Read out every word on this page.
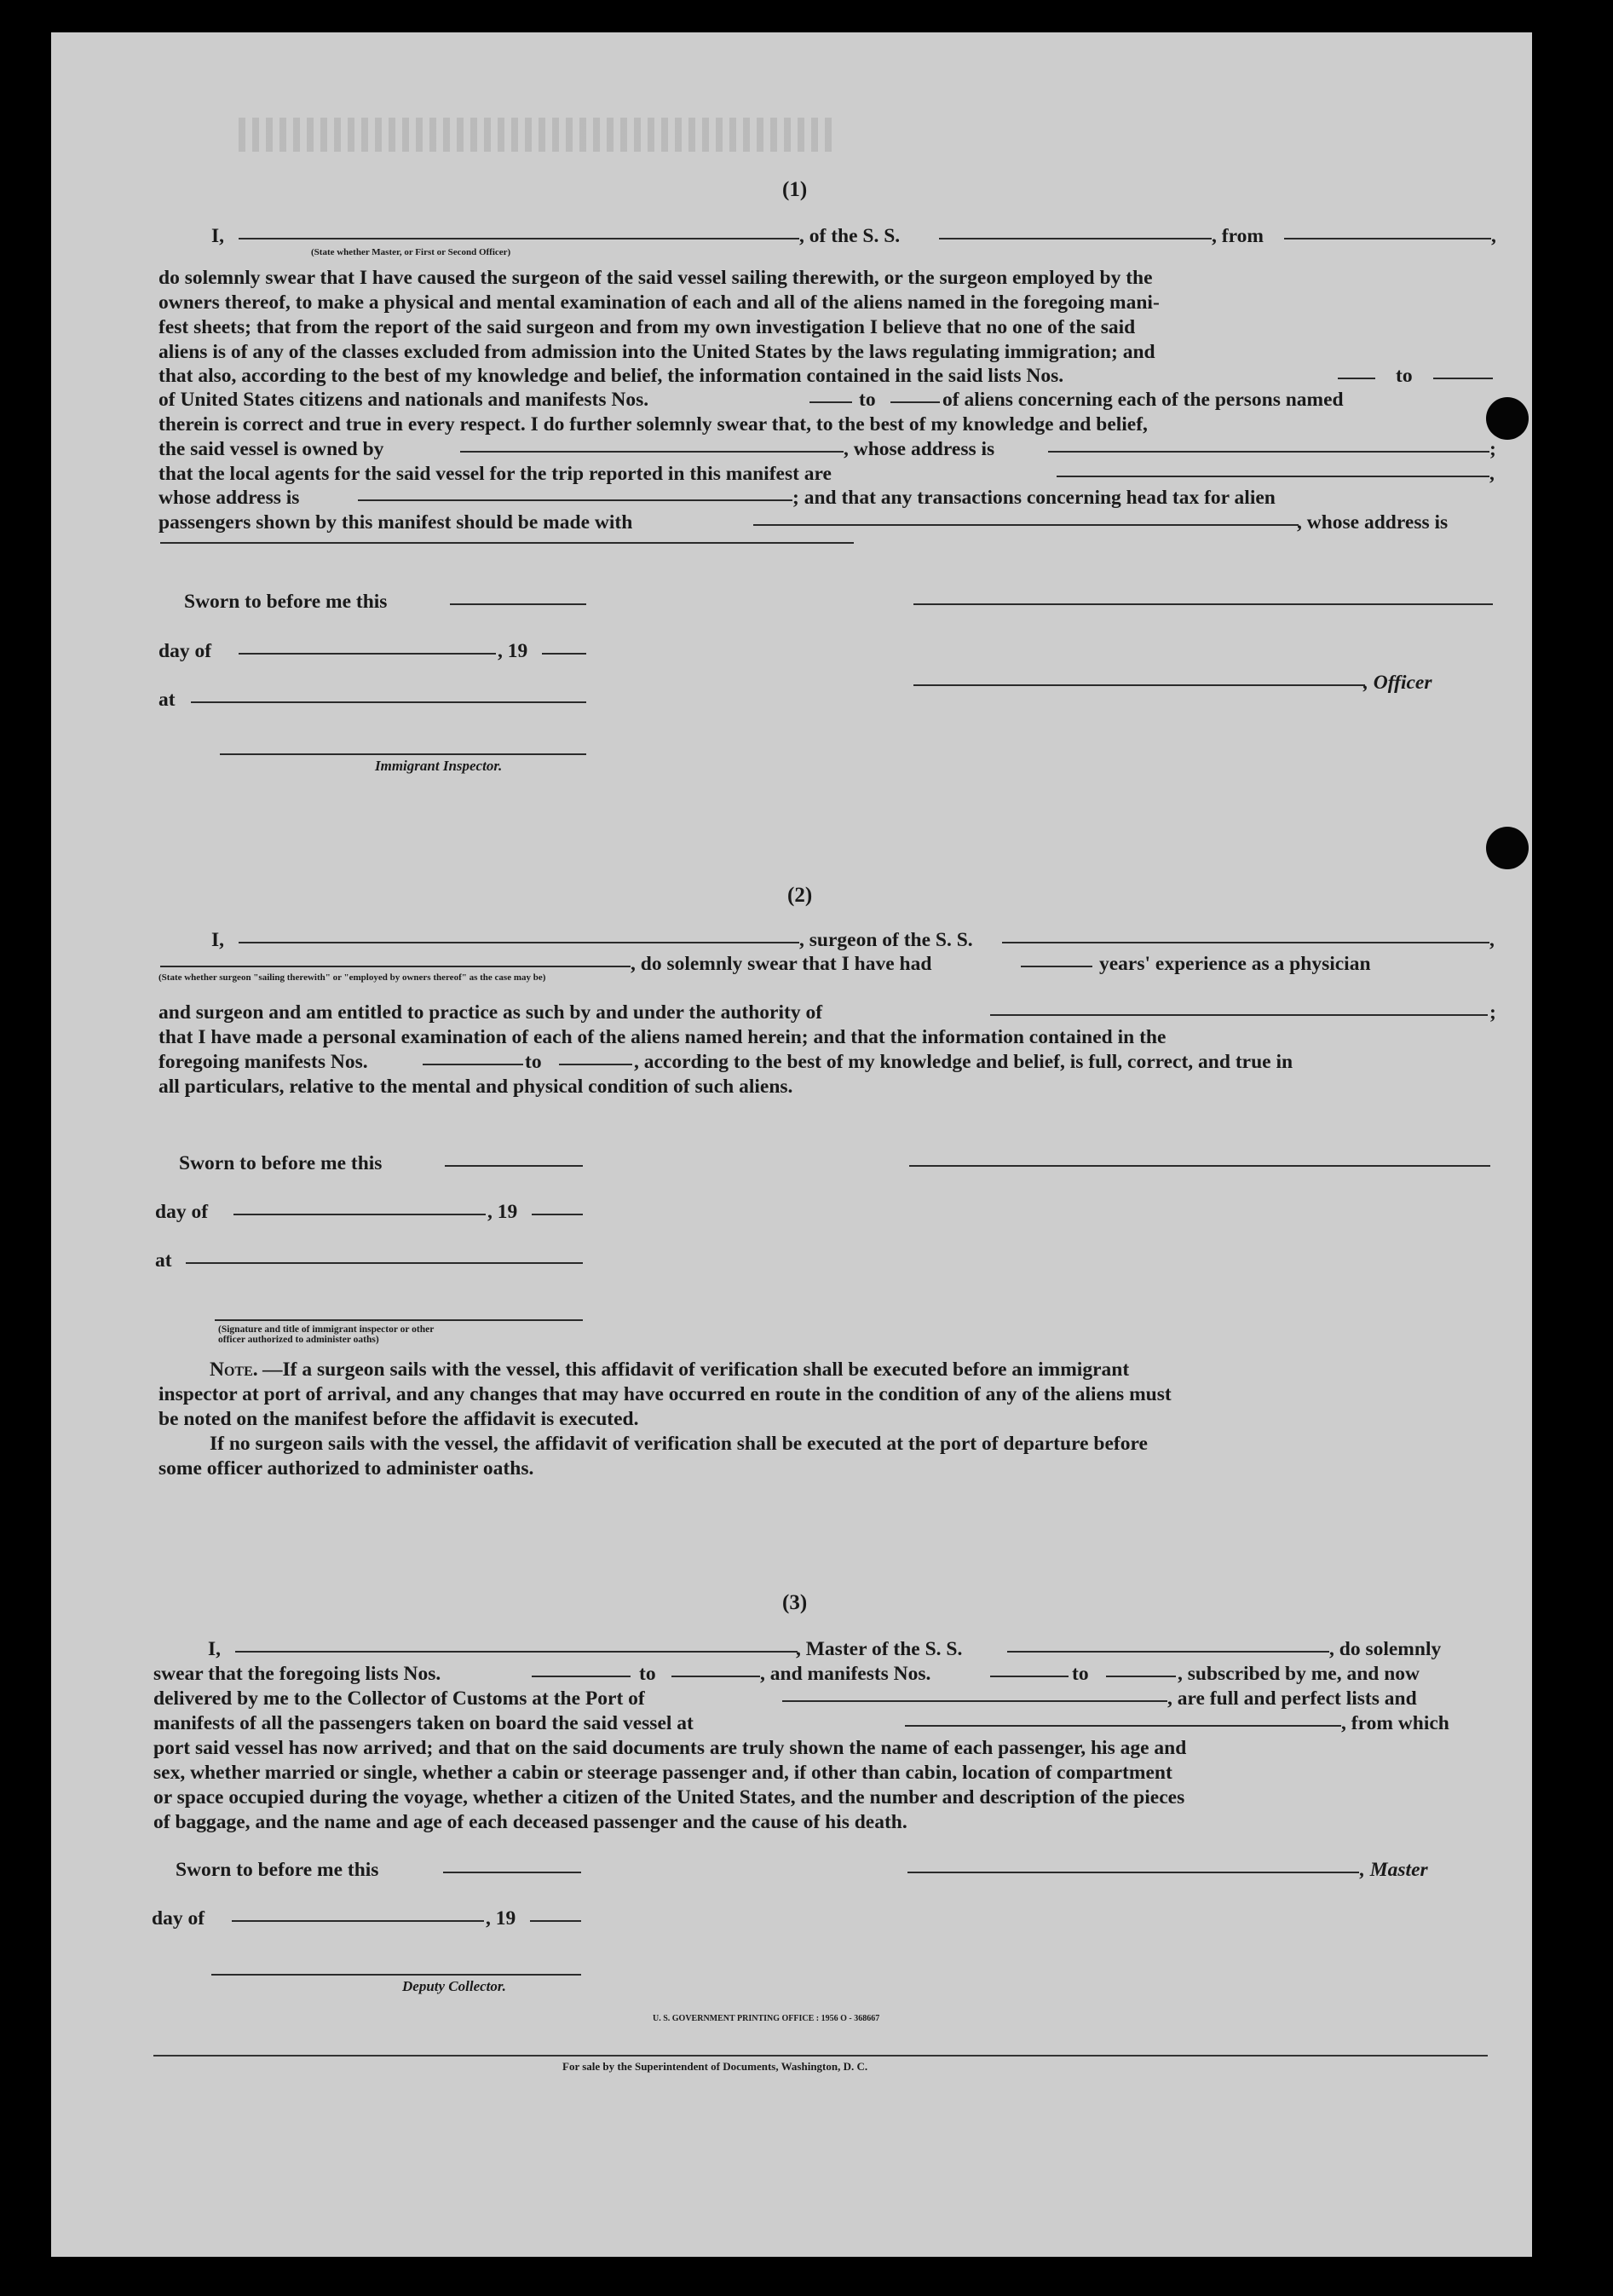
(1)
I,
(State whether Master, or First or Second Officer)
, of the S. S.	, from	,
do solemnly swear that I have caused the surgeon of the said vessel sailing therewith, or the surgeon employed by the
owners thereof, to make a physical and mental examination of each and all of the aliens named in the foregoing mani-
fest sheets; that from the report of the said surgeon and from my own investigation I believe that no one of the said
aliens is of any of the classes excluded from admission into the United States by the laws regulating immigration; and
that also, according to the best of my knowledge and belief, the information contained in the said lists Nos.	to
of United States citizens and nationals and manifests Nos.	to	of aliens concerning each of the persons named
therein is correct and true in every respect. I do further solemnly swear that, to the best of my knowledge and belief,
the said vessel is owned by	, whose address is	;
that the local agents for the said vessel for the trip reported in this manifest are	,
whose address is	; and that any transactions concerning head tax for alien
passengers shown by this manifest should be made with	, whose address is
Sworn to before me this
day of	, 19
, Officer
at
Immigrant Inspector.
(2)
I,	, surgeon of the S. S.	,
(State whether surgeon "sailing therewith" or "employed by owners thereof" as the case may be)
, do solemnly swear that I have had	years' experience as a physician
and surgeon and am entitled to practice as such by and under the authority of	;
that I have made a personal examination of each of the aliens named herein; and that the information contained in the
foregoing manifests Nos.	to	, according to the best of my knowledge and belief, is full, correct, and true in
all particulars, relative to the mental and physical condition of such aliens.
Sworn to before me this
day of	, 19
at
(Signature and title of immigrant inspector or other officer authorized to administer oaths)
Note. —If a surgeon sails with the vessel, this affidavit of verification shall be executed before an immigrant
inspector at port of arrival, and any changes that may have occurred en route in the condition of any of the aliens must
be noted on the manifest before the affidavit is executed.
If no surgeon sails with the vessel, the affidavit of verification shall be executed at the port of departure before
some officer authorized to administer oaths.
(3)
I,	, Master of the S. S.	, do solemnly
swear that the foregoing lists Nos.	to	, and manifests Nos.	to	, subscribed by me, and now
delivered by me to the Collector of Customs at the Port of	, are full and perfect lists and
manifests of all the passengers taken on board the said vessel at	, from which
port said vessel has now arrived; and that on the said documents are truly shown the name of each passenger, his age and
sex, whether married or single, whether a cabin or steerage passenger and, if other than cabin, location of compartment
or space occupied during the voyage, whether a citizen of the United States, and the number and description of the pieces
of baggage, and the name and age of each deceased passenger and the cause of his death.
Sworn to before me this	, Master
day of	, 19
Deputy Collector.
U. S. GOVERNMENT PRINTING OFFICE : 1956 O - 368667
For sale by the Superintendent of Documents, Washington, D. C.
